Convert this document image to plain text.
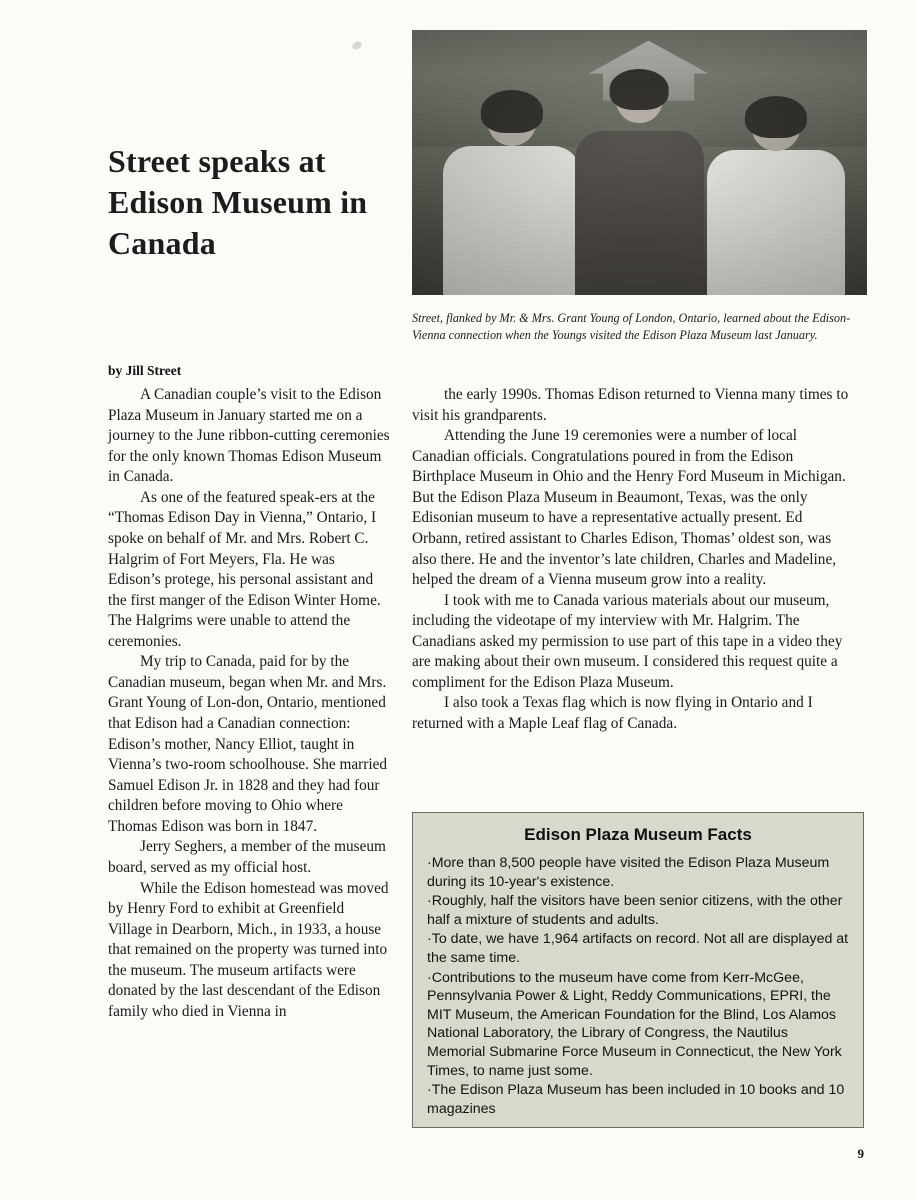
Street speaks at Edison Museum in Canada
Street, flanked by Mr. & Mrs. Grant Young of London, Ontario, learned about the Edison-Vienna connection when the Youngs visited the Edison Plaza Museum last January.
by Jill Street

A Canadian couple’s visit to the Edison Plaza Museum in January started me on a journey to the June ribbon-cutting ceremonies for the only known Thomas Edison Museum in Canada.

As one of the featured speak-ers at the “Thomas Edison Day in Vienna,” Ontario, I spoke on behalf of Mr. and Mrs. Robert C. Halgrim of Fort Meyers, Fla. He was Edison’s protege, his personal assistant and the first manger of the Edison Winter Home. The Halgrims were unable to attend the ceremonies.

My trip to Canada, paid for by the Canadian museum, began when Mr. and Mrs. Grant Young of Lon-don, Ontario, mentioned that Edison had a Canadian connection: Edison’s mother, Nancy Elliot, taught in Vienna’s two-room schoolhouse. She married Samuel Edison Jr. in 1828 and they had four children before moving to Ohio where Thomas Edison was born in 1847.

Jerry Seghers, a member of the museum board, served as my official host.

While the Edison homestead was moved by Henry Ford to exhibit at Greenfield Village in Dearborn, Mich., in 1933, a house that remained on the property was turned into the museum. The museum artifacts were donated by the last descendant of the Edison family who died in Vienna in

the early 1990s. Thomas Edison returned to Vienna many times to visit his grandparents.

Attending the June 19 ceremonies were a number of local Canadian officials. Congratulations poured in from the Edison Birthplace Museum in Ohio and the Henry Ford Museum in Michigan. But the Edison Plaza Museum in Beaumont, Texas, was the only Edisonian museum to have a representative actually present. Ed Orbann, retired assistant to Charles Edison, Thomas’ oldest son, was also there. He and the inventor’s late children, Charles and Madeline, helped the dream of a Vienna museum grow into a reality.

I took with me to Canada various materials about our museum, including the videotape of my interview with Mr. Halgrim. The Canadians asked my permission to use part of this tape in a video they are making about their own museum. I considered this request quite a compliment for the Edison Plaza Museum.

I also took a Texas flag which is now flying in Ontario and I returned with a Maple Leaf flag of Canada.

Edison Plaza Museum Facts
·More than 8,500 people have visited the Edison Plaza Museum during its 10-year's existence.
·Roughly, half the visitors have been senior citizens, with the other half a mixture of students and adults.
·To date, we have 1,964 artifacts on record. Not all are displayed at the same time.
·Contributions to the museum have come from Kerr-McGee, Pennsylvania Power & Light, Reddy Communications, EPRI, the MIT Museum, the American Foundation for the Blind, Los Alamos National Laboratory, the Library of Congress, the Nautilus Memorial Submarine Force Museum in Connecticut, the New York Times, to name just some.
·The Edison Plaza Museum has been included in 10 books and 10 magazines
9
